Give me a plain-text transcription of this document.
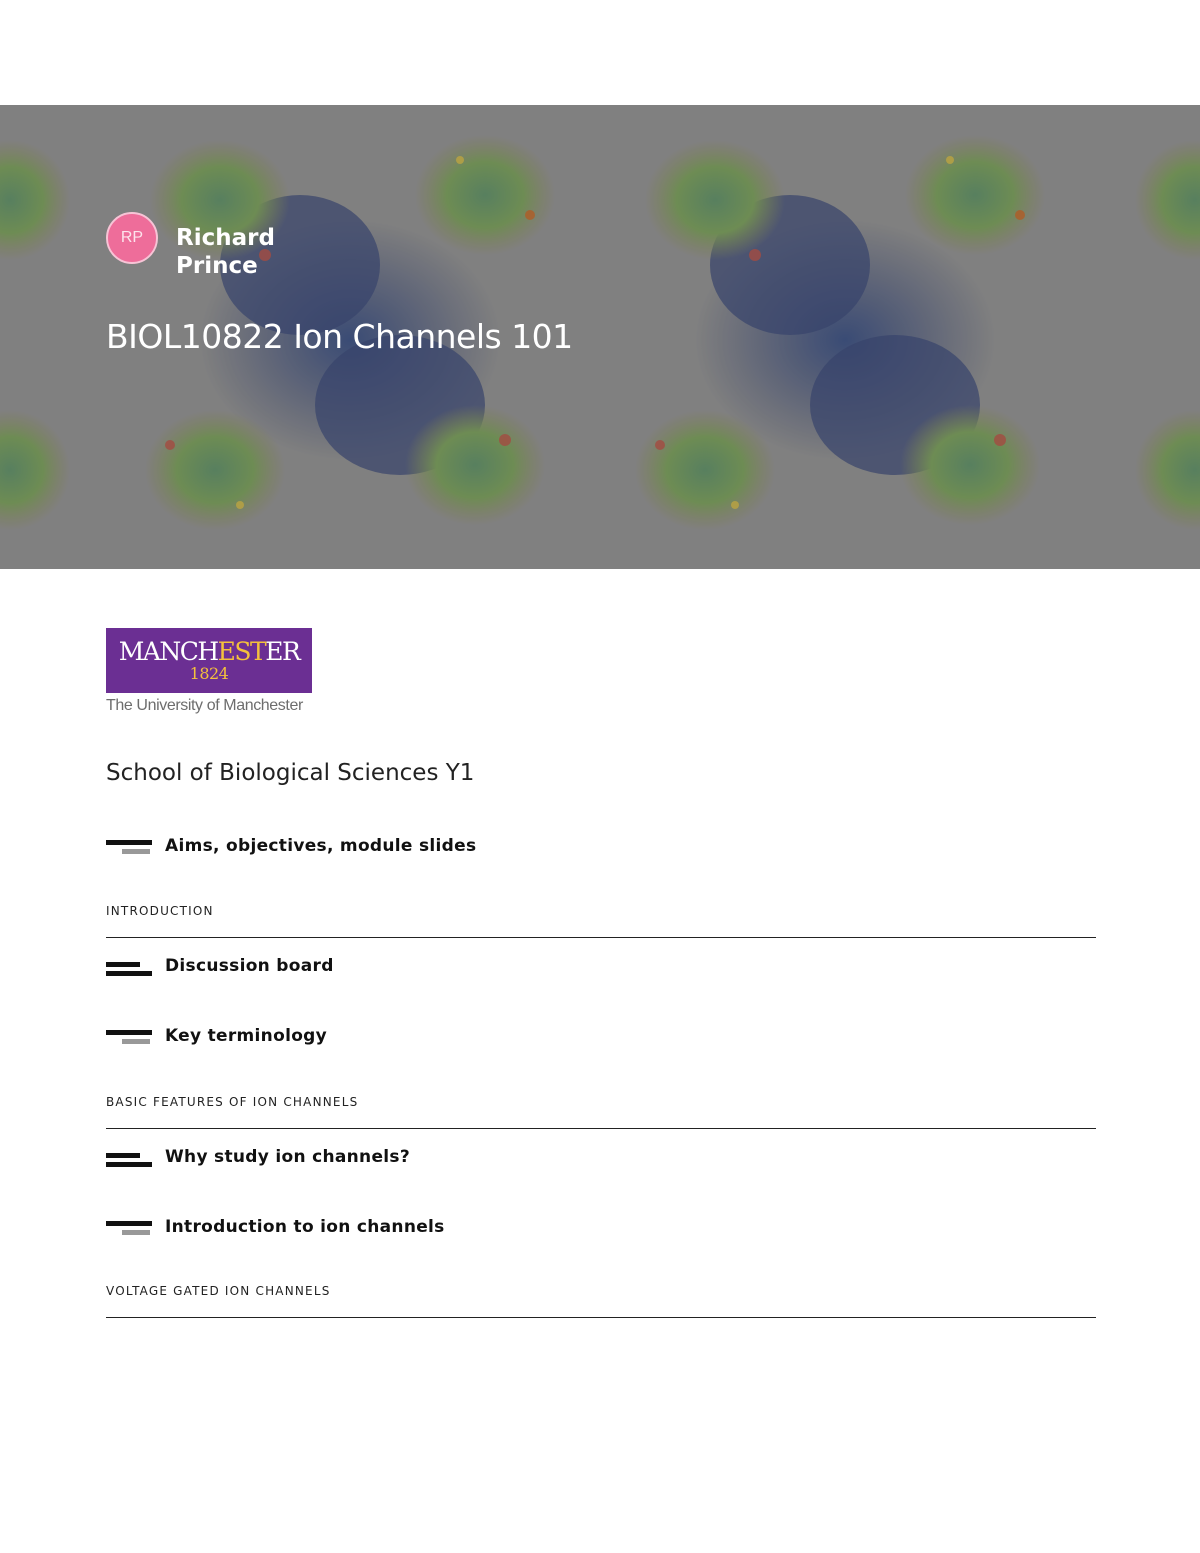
RP	Richard Prince
BIOL10822 Ion Channels 101
MANCHESTER
1824
The University of Manchester
School of Biological Sciences Y1
Aims, objectives, module slides
INTRODUCTION
Discussion board
Key terminology
BASIC FEATURES OF ION CHANNELS
Why study ion channels?
Introduction to ion channels
VOLTAGE GATED ION CHANNELS
